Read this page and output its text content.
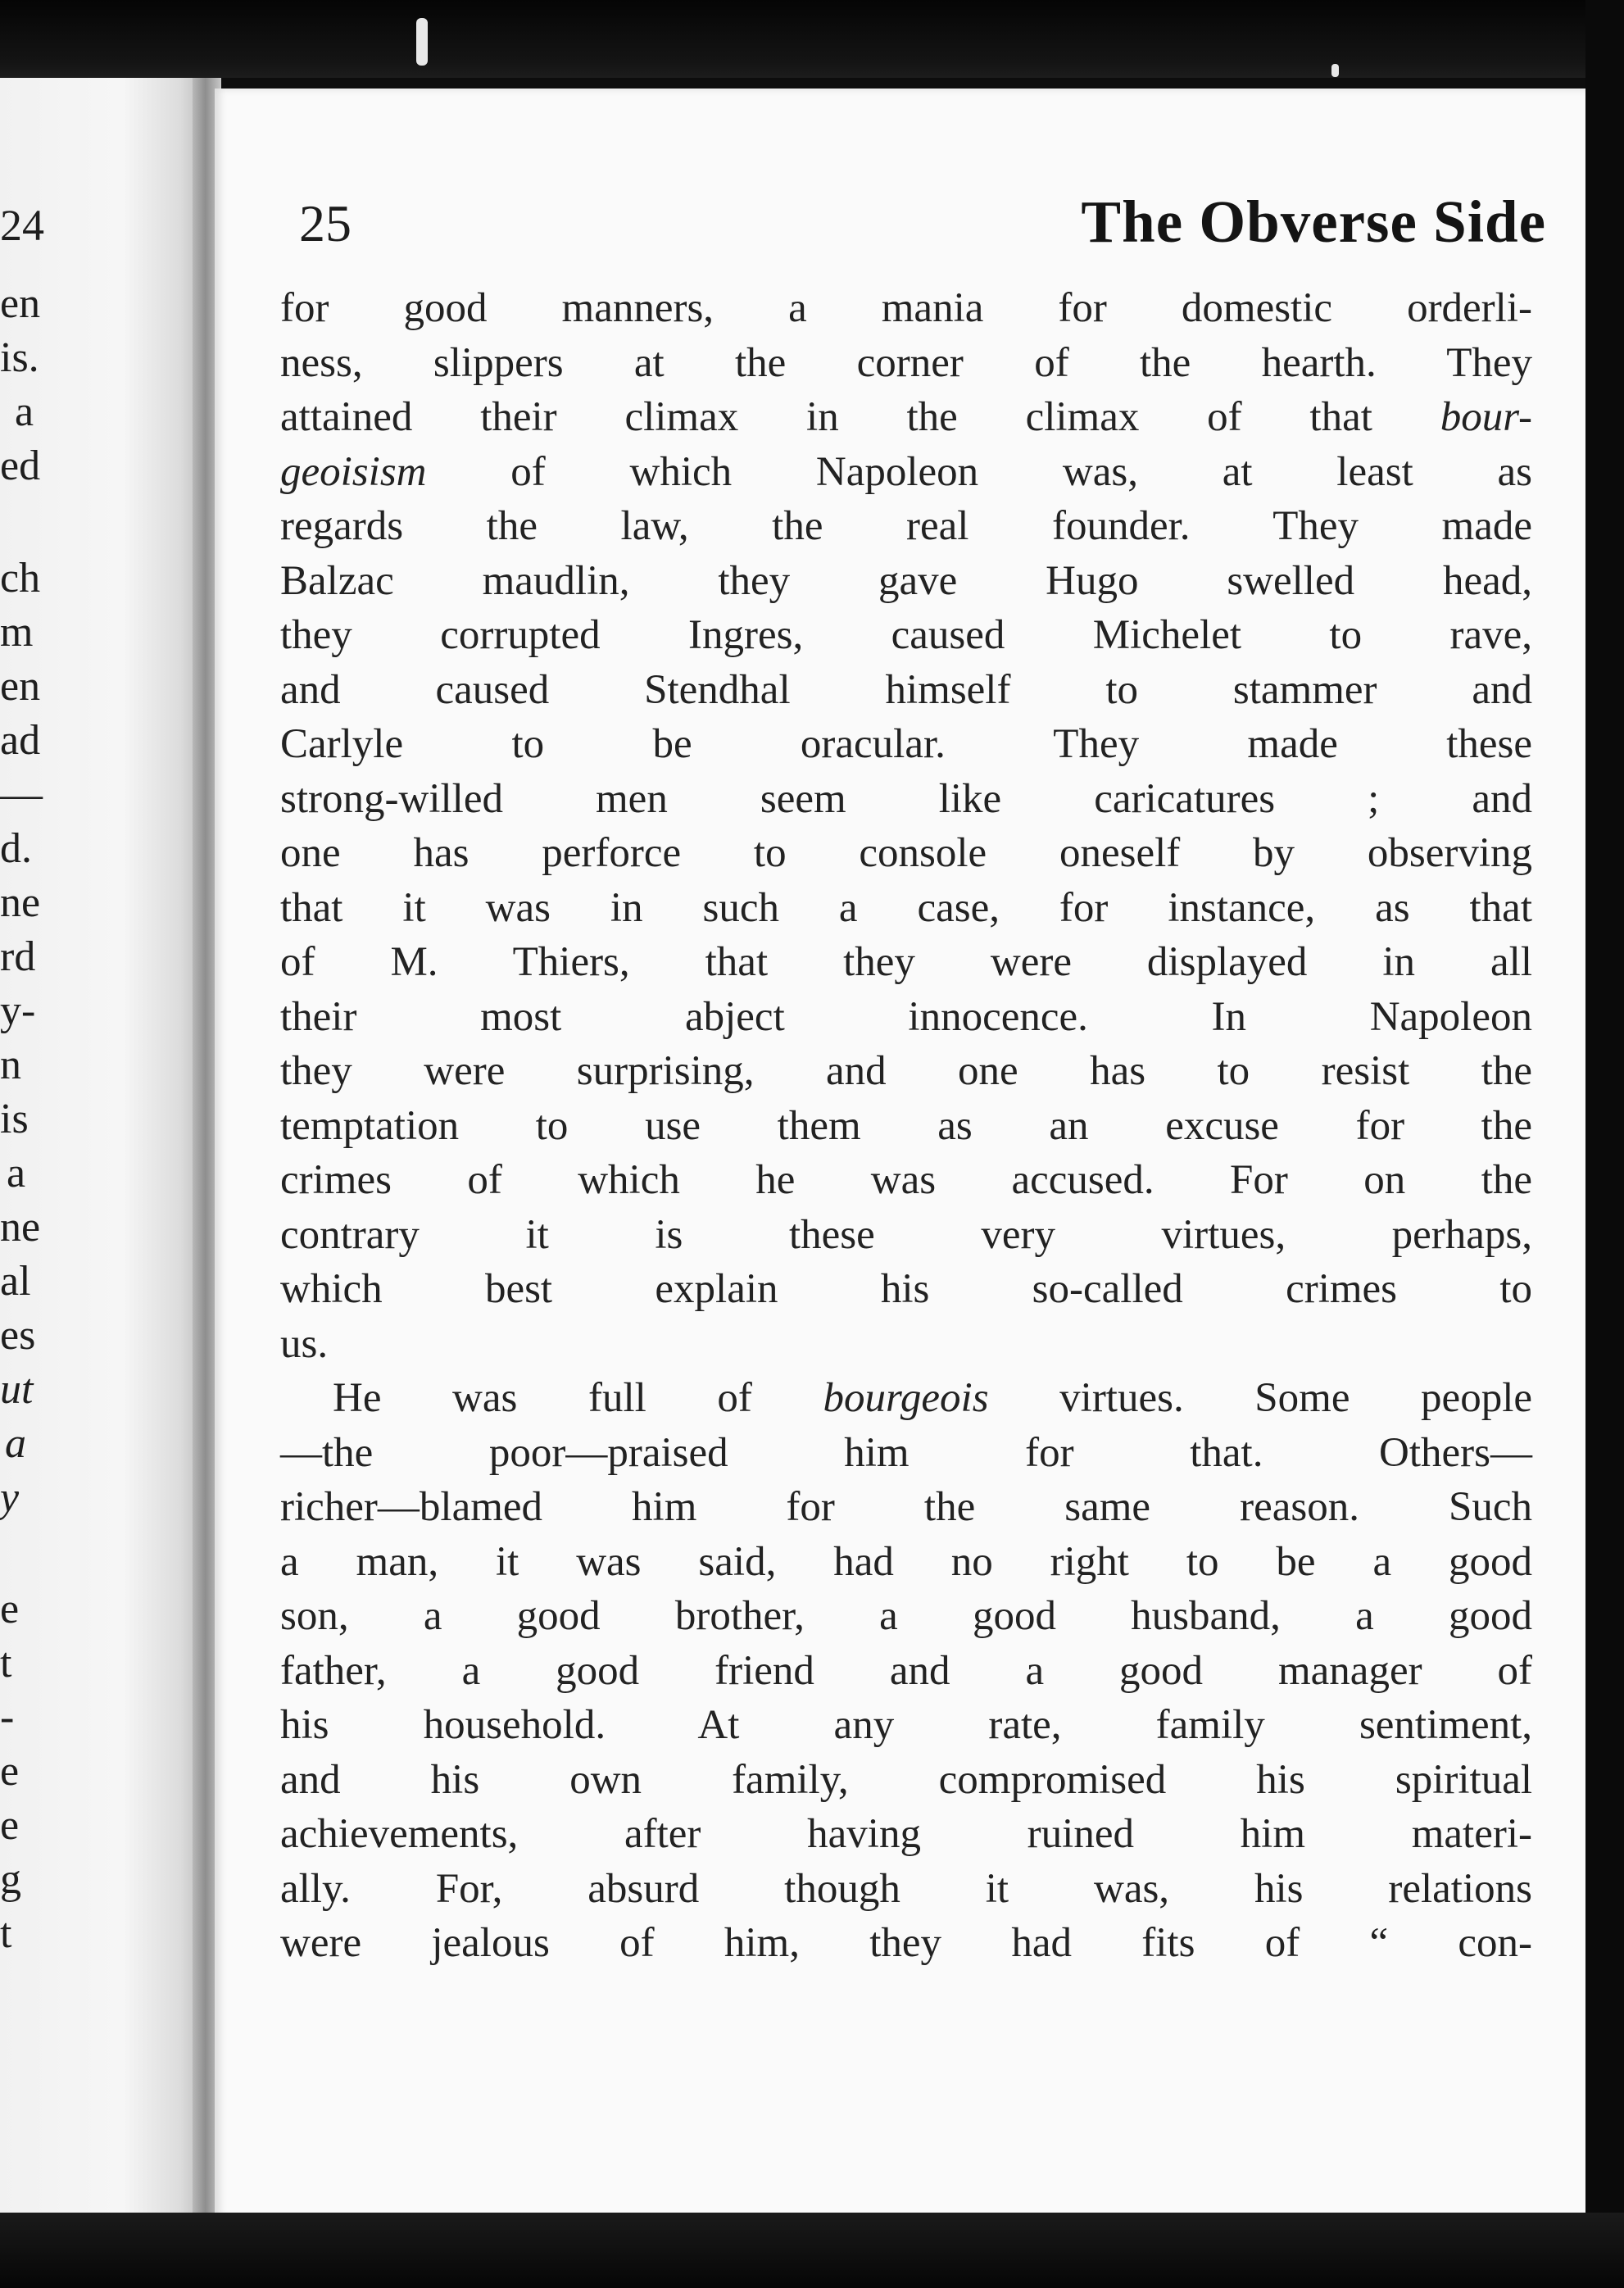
24
en
is.
a
ed
ch
m
en
ad
—
d.
ne
rd
y-
n
is
a
ne
al
es
ut
a
y
e
t
-
e
e
g
t
25	The Obverse Side
for good manners, a mania for domestic orderli-
ness, slippers at the corner of the hearth. They
attained their climax in the climax of that bour-
geoisism of which Napoleon was, at least as
regards the law, the real founder. They made
Balzac maudlin, they gave Hugo swelled head,
they corrupted Ingres, caused Michelet to rave,
and caused Stendhal himself to stammer and
Carlyle to be oracular. They made these
strong-willed men seem like caricatures ; and
one has perforce to console oneself by observing
that it was in such a case, for instance, as that
of M. Thiers, that they were displayed in all
their most abject innocence. In Napoleon
they were surprising, and one has to resist the
temptation to use them as an excuse for the
crimes of which he was accused. For on the
contrary it is these very virtues, perhaps,
which best explain his so-called crimes to
us.
He was full of bourgeois virtues. Some people
—the poor—praised him for that. Others—
richer—blamed him for the same reason. Such
a man, it was said, had no right to be a good
son, a good brother, a good husband, a good
father, a good friend and a good manager of
his household. At any rate, family sentiment,
and his own family, compromised his spiritual
achievements, after having ruined him materi-
ally. For, absurd though it was, his relations
were jealous of him, they had fits of “ con-
